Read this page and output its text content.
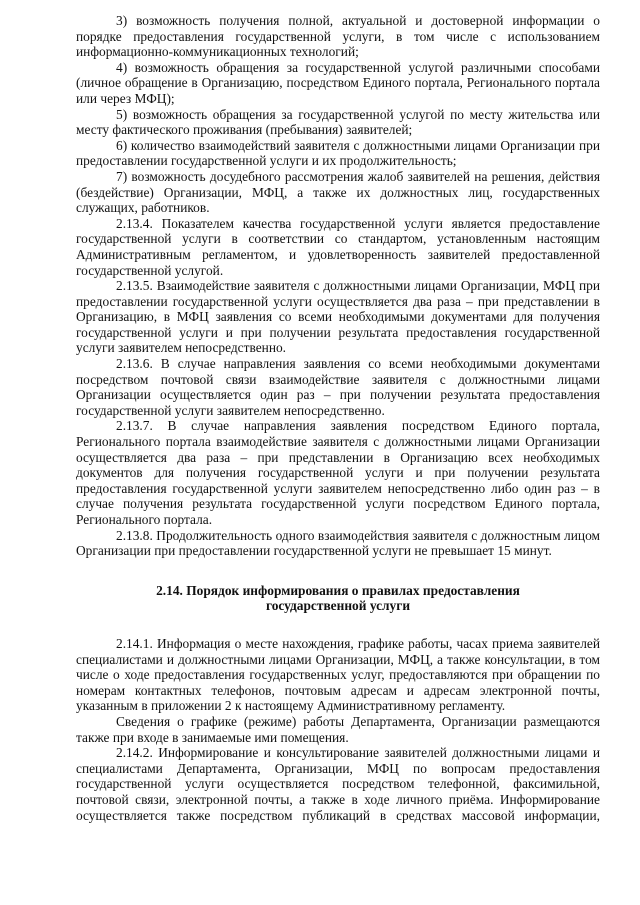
3) возможность получения полной, актуальной и достоверной информации о порядке предоставления государственной услуги, в том числе с использованием информационно-коммуникационных технологий;

4) возможность обращения за государственной услугой различными способами (личное обращение в Организацию, посредством Единого портала, Регионального портала или через МФЦ);

5) возможность обращения за государственной услугой по месту жительства или месту фактического проживания (пребывания) заявителей;

6) количество взаимодействий заявителя с должностными лицами Организации при предоставлении государственной услуги и их продолжительность;

7) возможность досудебного рассмотрения жалоб заявителей на решения, действия (бездействие) Организации, МФЦ, а также их должностных лиц, государственных служащих, работников.

2.13.4. Показателем качества государственной услуги является предоставление государственной услуги в соответствии со стандартом, установленным настоящим Административным регламентом, и удовлетворенность заявителей предоставленной государственной услугой.

2.13.5. Взаимодействие заявителя с должностными лицами Организации, МФЦ при предоставлении государственной услуги осуществляется два раза – при представлении в Организацию, в МФЦ заявления со всеми необходимыми документами для получения государственной услуги и при получении результата предоставления государственной услуги заявителем непосредственно.

2.13.6. В случае направления заявления со всеми необходимыми документами посредством почтовой связи взаимодействие заявителя с должностными лицами Организации осуществляется один раз – при получении результата предоставления государственной услуги заявителем непосредственно.

2.13.7. В случае направления заявления посредством Единого портала, Регионального портала взаимодействие заявителя с должностными лицами Организации осуществляется два раза – при представлении в Организацию всех необходимых документов для получения государственной услуги и при получении результата предоставления государственной услуги заявителем непосредственно либо один раз – в случае получения результата государственной услуги посредством Единого портала, Регионального портала.

2.13.8. Продолжительность одного взаимодействия заявителя с должностным лицом Организации при предоставлении государственной услуги не превышает 15 минут.

2.14. Порядок информирования о правилах предоставления
государственной услуги

2.14.1. Информация о месте нахождения, графике работы, часах приема заявителей специалистами и должностными лицами Организации, МФЦ, а также консультации, в том числе о ходе предоставления государственных услуг, предоставляются при обращении по номерам контактных телефонов, почтовым адресам и адресам электронной почты, указанным в приложении 2 к настоящему Административному регламенту.

Сведения о графике (режиме) работы Департамента, Организации размещаются также при входе в занимаемые ими помещения.

2.14.2. Информирование и консультирование заявителей должностными лицами и специалистами Департамента, Организации, МФЦ по вопросам предоставления государственной услуги осуществляется посредством телефонной, факсимильной, почтовой связи, электронной почты, а также в ходе личного приёма. Информирование осуществляется также посредством публикаций в средствах массовой информации,
